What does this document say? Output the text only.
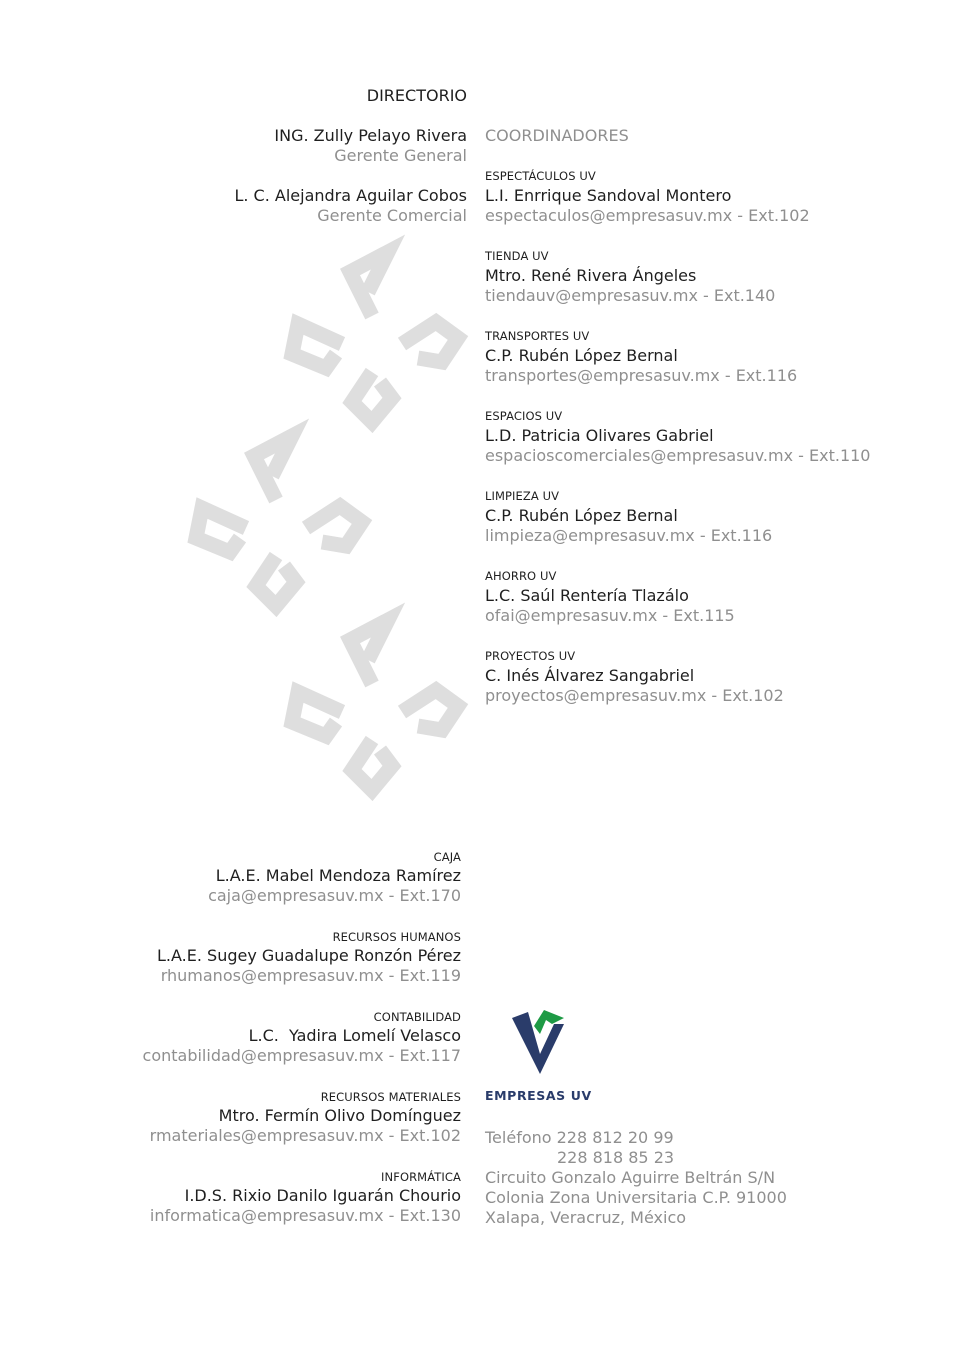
DIRECTORIO
ING. Zully Pelayo Rivera
Gerente General
L. C. Alejandra Aguilar Cobos
Gerente Comercial
COORDINADORES
ESPECTÁCULOS UV
L.I. Enrrique Sandoval Montero
espectaculos@empresasuv.mx - Ext.102
TIENDA UV
Mtro. René Rivera Ángeles
tiendauv@empresasuv.mx - Ext.140
TRANSPORTES UV
C.P. Rubén López Bernal
transportes@empresasuv.mx - Ext.116
ESPACIOS UV
L.D. Patricia Olivares Gabriel
espacioscomerciales@empresasuv.mx - Ext.110
LIMPIEZA UV
C.P. Rubén López Bernal
limpieza@empresasuv.mx - Ext.116
AHORRO UV
L.C. Saúl Rentería Tlazálo
ofai@empresasuv.mx - Ext.115
PROYECTOS UV
C. Inés Álvarez Sangabriel
proyectos@empresasuv.mx - Ext.102
CAJA
L.A.E. Mabel Mendoza Ramírez
caja@empresasuv.mx - Ext.170
RECURSOS HUMANOS
L.A.E. Sugey Guadalupe Ronzón Pérez
rhumanos@empresasuv.mx - Ext.119
CONTABILIDAD
L.C.  Yadira Lomelí Velasco
contabilidad@empresasuv.mx - Ext.117
RECURSOS MATERIALES
Mtro. Fermín Olivo Domínguez
rmateriales@empresasuv.mx - Ext.102
INFORMÁTICA
I.D.S. Rixio Danilo Iguarán Chourio
informatica@empresasuv.mx - Ext.130
EMPRESAS UV
Teléfono 228 812 20 99
228 818 85 23
Circuito Gonzalo Aguirre Beltrán S/N
Colonia Zona Universitaria C.P. 91000
Xalapa, Veracruz, México
